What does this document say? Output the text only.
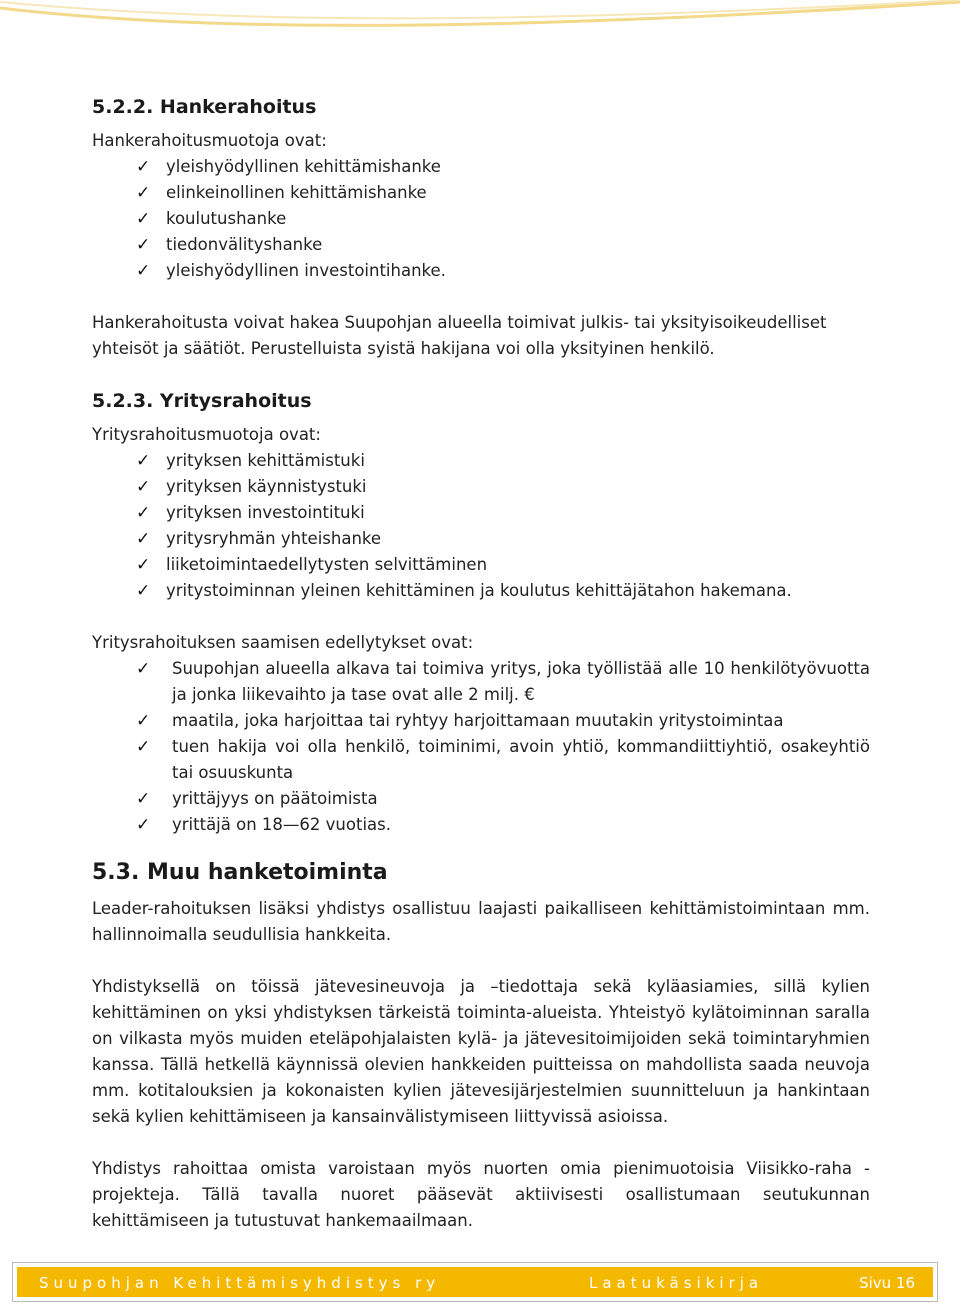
5.2.2. Hankerahoitus

Hankerahoitusmuotoja ovat:

✓ yleishyödyllinen kehittämishanke
✓ elinkeinollinen kehittämishanke
✓ koulutushanke
✓ tiedonvälityshanke
✓ yleishyödyllinen investointihanke.

Hankerahoitusta voivat hakea Suupohjan alueella toimivat julkis- tai yksityisoikeudelliset yhteisöt ja säätiöt. Perustelluista syistä hakijana voi olla yksityinen henkilö.

5.2.3. Yritysrahoitus

Yritysrahoitusmuotoja ovat:

✓ yrityksen kehittämistuki
✓ yrityksen käynnistystuki
✓ yrityksen investointituki
✓ yritysryhmän yhteishanke
✓ liiketoimintaedellytysten selvittäminen
✓ yritystoiminnan yleinen kehittäminen ja koulutus kehittäjätahon hakemana.

Yritysrahoituksen saamisen edellytykset ovat:

✓ Suupohjan alueella alkava tai toimiva yritys, joka työllistää alle 10 henkilötyövuotta ja jonka liikevaihto ja tase ovat alle 2 milj. €
✓ maatila, joka harjoittaa tai ryhtyy harjoittamaan muutakin yritystoimintaa
✓ tuen hakija voi olla henkilö, toiminimi, avoin yhtiö, kommandiittiyhtiö, osakeyhtiö tai osuuskunta
✓ yrittäjyys on päätoimista
✓ yrittäjä on 18—62 vuotias.
5.3. Muu hanketoiminta

Leader-rahoituksen lisäksi yhdistys osallistuu laajasti paikalliseen kehittämistoimintaan mm. hallinnoimalla seudullisia hankkeita.

Yhdistyksellä on töissä jätevesineuvoja ja –tiedottaja sekä kyläasiamies, sillä kylien kehittäminen on yksi yhdistyksen tärkeistä toiminta-alueista. Yhteistyö kylätoiminnan saralla on vilkasta myös muiden eteläpohjalaisten kylä- ja jätevesitoimijoiden sekä toimintaryhmien kanssa. Tällä hetkellä käynnissä olevien hankkeiden puitteissa on mahdollista saada neuvoja mm. kotitalouksien ja kokonaisten kylien jätevesijärjestelmien suunnitteluun ja hankintaan sekä kylien kehittämiseen ja kansainvälistymiseen liittyvissä asioissa.

Yhdistys rahoittaa omista varoistaan myös nuorten omia pienimuotoisia Viisikko-raha -projekteja. Tällä tavalla nuoret pääsevät aktiivisesti osallistumaan seutukunnan kehittämiseen ja tutustuvat hankemaailmaan.

Suupohjan Kehittämisyhdistys ry	Laatukäsikirja	Sivu 16
